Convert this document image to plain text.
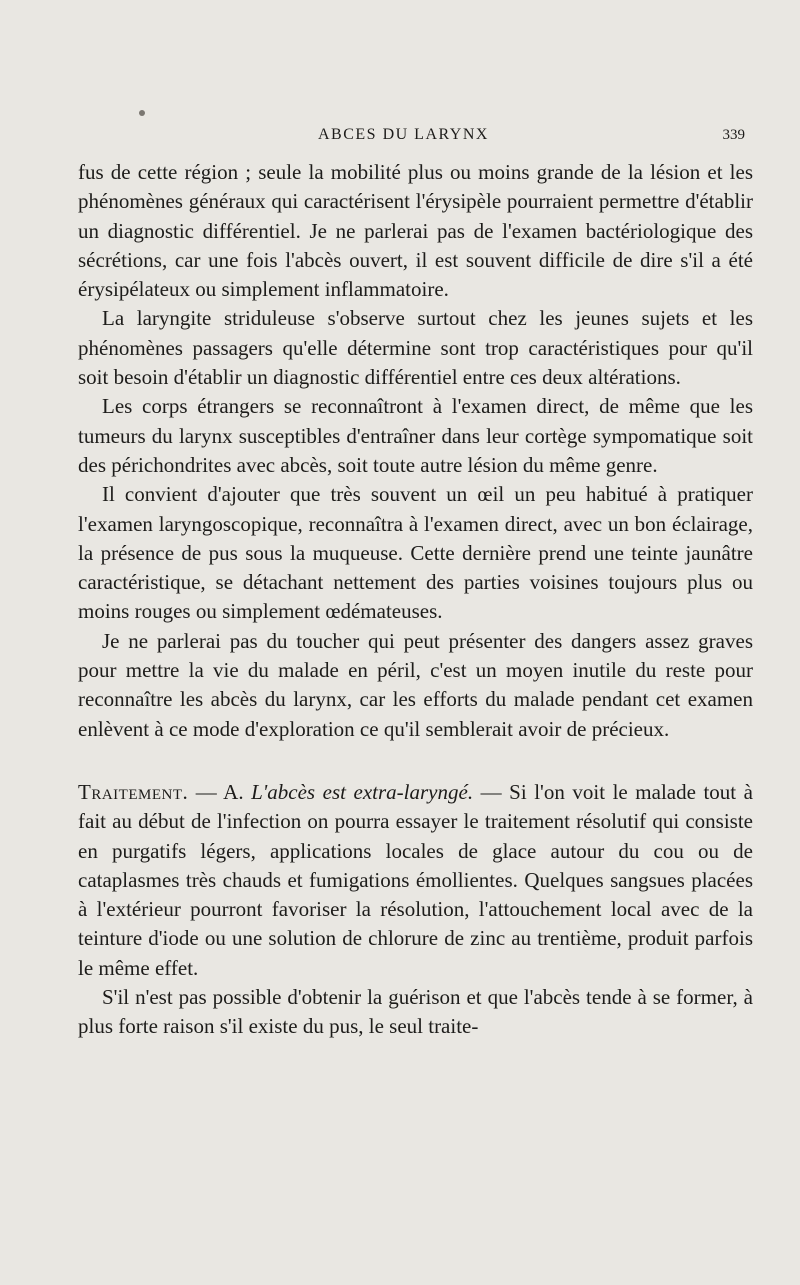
ABCES DU LARYNX	339

fus de cette région ; seule la mobilité plus ou moins grande de la lésion et les phénomènes généraux qui caractérisent l'érysipèle pourraient permettre d'établir un diagnostic différentiel. Je ne parlerai pas de l'examen bactériologique des sécrétions, car une fois l'abcès ouvert, il est souvent difficile de dire s'il a été érysipélateux ou simplement inflammatoire.

La laryngite striduleuse s'observe surtout chez les jeunes sujets et les phénomènes passagers qu'elle détermine sont trop caractéristiques pour qu'il soit besoin d'établir un diagnostic différentiel entre ces deux altérations.

Les corps étrangers se reconnaîtront à l'examen direct, de même que les tumeurs du larynx susceptibles d'entraîner dans leur cortège sympomatique soit des périchondrites avec abcès, soit toute autre lésion du même genre.

Il convient d'ajouter que très souvent un œil un peu habitué à pratiquer l'examen laryngoscopique, reconnaîtra à l'examen direct, avec un bon éclairage, la présence de pus sous la muqueuse. Cette dernière prend une teinte jaunâtre caractéristique, se détachant nettement des parties voisines toujours plus ou moins rouges ou simplement œdémateuses.

Je ne parlerai pas du toucher qui peut présenter des dangers assez graves pour mettre la vie du malade en péril, c'est un moyen inutile du reste pour reconnaître les abcès du larynx, car les efforts du malade pendant cet examen enlèvent à ce mode d'exploration ce qu'il semblerait avoir de précieux.

Traitement. — A. L'abcès est extra-laryngé. — Si l'on voit le malade tout à fait au début de l'infection on pourra essayer le traitement résolutif qui consiste en purgatifs légers, applications locales de glace autour du cou ou de cataplasmes très chauds et fumigations émollientes. Quelques sangsues placées à l'extérieur pourront favoriser la résolution, l'attouchement local avec de la teinture d'iode ou une solution de chlorure de zinc au trentième, produit parfois le même effet.

S'il n'est pas possible d'obtenir la guérison et que l'abcès tende à se former, à plus forte raison s'il existe du pus, le seul traite-
